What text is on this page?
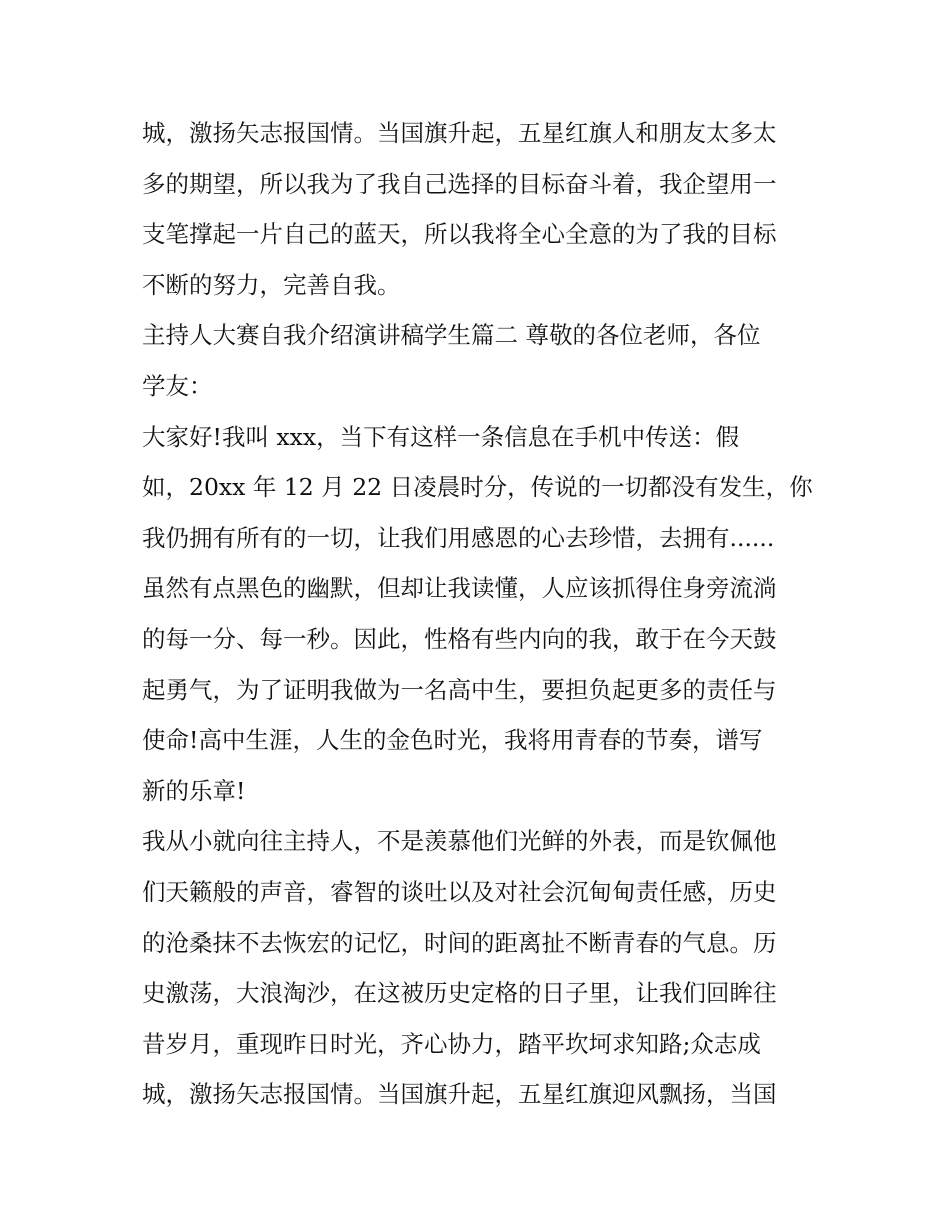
城，激扬矢志报国情。当国旗升起，五星红旗人和朋友太多太
多的期望，所以我为了我自己选择的目标奋斗着，我企望用一
支笔撑起一片自己的蓝天，所以我将全心全意的为了我的目标
不断的努力，完善自我。
主持人大赛自我介绍演讲稿学生篇二 尊敬的各位老师，各位
学友：
大家好!我叫 xxx，当下有这样一条信息在手机中传送：假
如，20xx 年 12 月 22 日凌晨时分，传说的一切都没有发生，你
我仍拥有所有的一切，让我们用感恩的心去珍惜，去拥有......
虽然有点黑色的幽默，但却让我读懂，人应该抓得住身旁流淌
的每一分、每一秒。因此，性格有些内向的我，敢于在今天鼓
起勇气，为了证明我做为一名高中生，要担负起更多的责任与
使命!高中生涯，人生的金色时光，我将用青春的节奏，谱写
新的乐章!
我从小就向往主持人，不是羡慕他们光鲜的外表，而是钦佩他
们天籁般的声音，睿智的谈吐以及对社会沉甸甸责任感，历史
的沧桑抹不去恢宏的记忆，时间的距离扯不断青春的气息。历
史激荡，大浪淘沙，在这被历史定格的日子里，让我们回眸往
昔岁月，重现昨日时光，齐心协力，踏平坎坷求知路;众志成
城，激扬矢志报国情。当国旗升起，五星红旗迎风飘扬，当国
